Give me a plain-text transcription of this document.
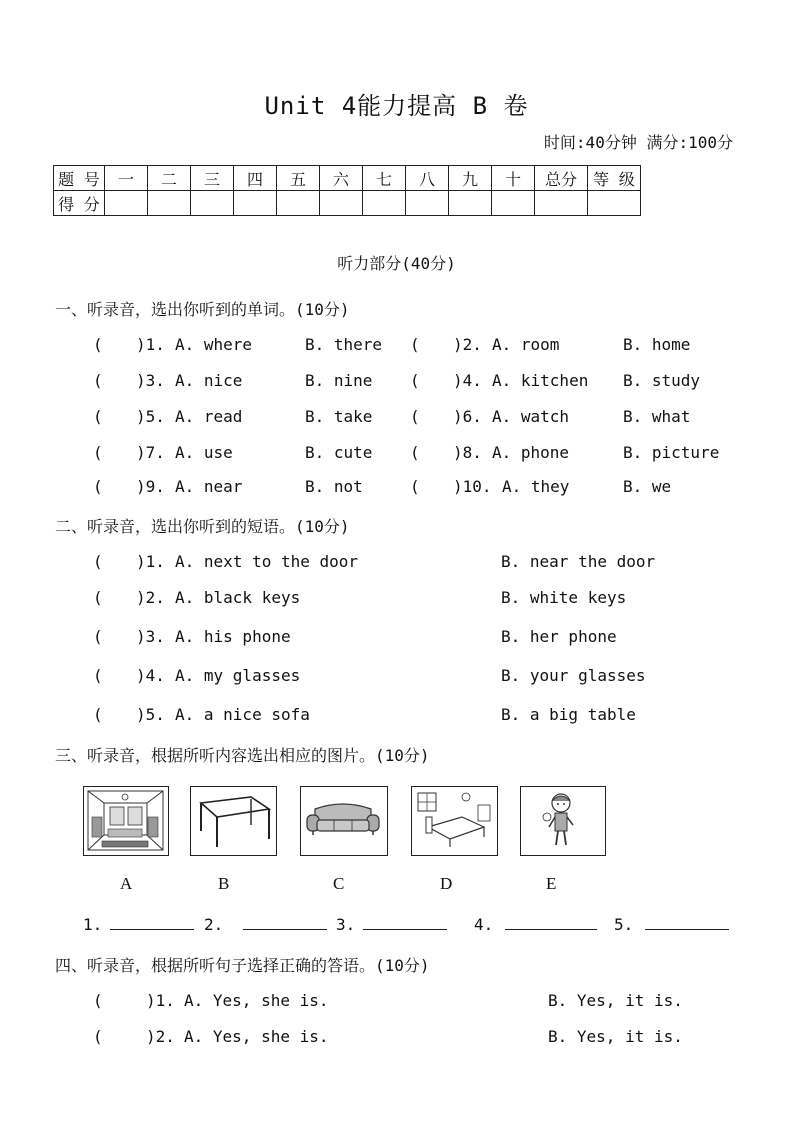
Unit 4能力提高 B 卷
时间:40分钟 满分:100分
题 号	一	二	三	四	五	六	七	八	九	十	总分	等 级
得 分												
听力部分(40分)
一、听录音，选出你听到的单词。(10分)
( )1. A. where	B. there ( )2. A. room	B. home
( )3. A. nice	B. nine ( )4. A. kitchen B. study
( )5. A. read	B. take ( )6. A. watch	B. what
( )7. A. use	B. cute ( )8. A. phone	B. picture
( )9. A. near	B. not	( )10. A. they	B. we
二、听录音，选出你听到的短语。(10分)
( )1. A. next to the door	B. near the door
( )2. A. black keys	B. white keys
( )3. A. his phone	B. her phone
( )4. A. my glasses	B. your glasses
( )5. A. a nice sofa	B. a big table
三、听录音，根据所听内容选出相应的图片。(10分)
A	B	C	D	E
1.	2.	3.	4.	5.
四、听录音，根据所听句子选择正确的答语。(10分)
(	)1. A. Yes, she is.	B. Yes, it is.
(	)2. A. Yes, she is.	B. Yes, it is.
